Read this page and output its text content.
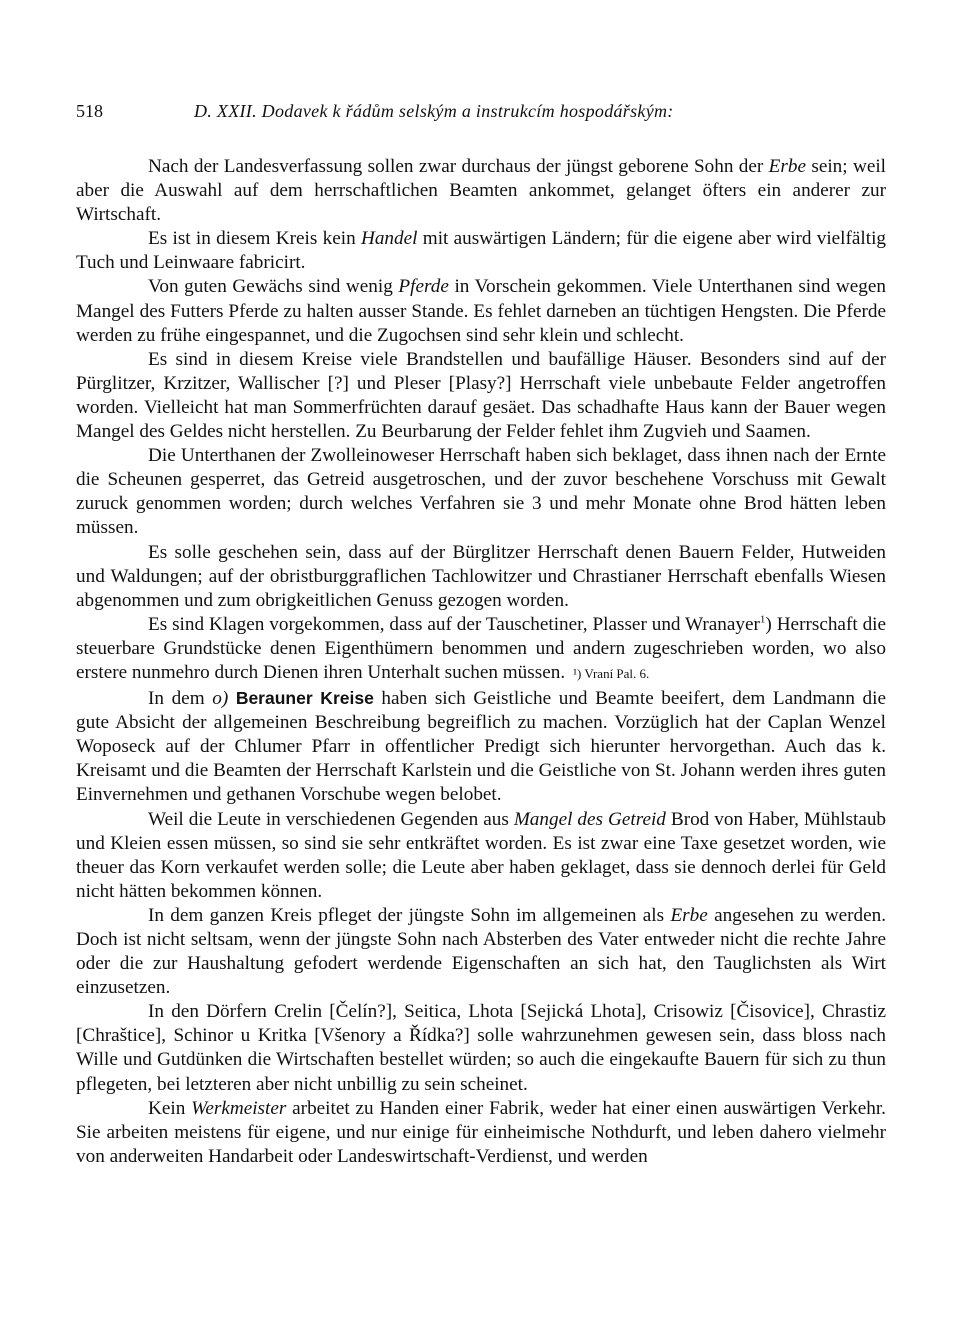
518	D. XXII. Dodavek k řádům selským a instrukcím hospodářským:

Nach der Landesverfassung sollen zwar durchaus der jüngst geborene Sohn der Erbe sein; weil aber die Auswahl auf dem herrschaftlichen Beamten ankommet, gelanget öfters ein anderer zur Wirtschaft.

Es ist in diesem Kreis kein Handel mit auswärtigen Ländern; für die eigene aber wird vielfältig Tuch und Leinwaare fabricirt.

Von guten Gewächs sind wenig Pferde in Vorschein gekommen. Viele Unterthanen sind wegen Mangel des Futters Pferde zu halten ausser Stande. Es fehlet darneben an tüchtigen Hengsten. Die Pferde werden zu frühe eingespannet, und die Zugochsen sind sehr klein und schlecht.

Es sind in diesem Kreise viele Brandstellen und baufällige Häuser. Besonders sind auf der Pürglitzer, Krzitzer, Wallischer [?] und Pleser [Plasy?] Herrschaft viele unbebaute Felder angetroffen worden. Vielleicht hat man Sommerfrüchten darauf gesäet. Das schadhafte Haus kann der Bauer wegen Mangel des Geldes nicht herstellen. Zu Beurbarung der Felder fehlet ihm Zugvieh und Saamen.

Die Unterthanen der Zwolleinoweser Herrschaft haben sich beklaget, dass ihnen nach der Ernte die Scheunen gesperret, das Getreid ausgetroschen, und der zuvor beschehene Vorschuss mit Gewalt zuruck genommen worden; durch welches Verfahren sie 3 und mehr Monate ohne Brod hätten leben müssen.

Es solle geschehen sein, dass auf der Bürglitzer Herrschaft denen Bauern Felder, Hutweiden und Waldungen; auf der obristburggraflichen Tachlowitzer und Chrastianer Herrschaft ebenfalls Wiesen abgenommen und zum obrigkeitlichen Genuss gezogen worden.

Es sind Klagen vorgekommen, dass auf der Tauschetiner, Plasser und Wranayer$^1$) Herrschaft die steuerbare Grundstücke denen Eigenthümern benommen und andern zugeschrieben worden, wo also erstere nunmehro durch Dienen ihren Unterhalt suchen müssen. ¹) Vraní Pal. 6.

In dem o) Berauner Kreise haben sich Geistliche und Beamte beeifert, dem Landmann die gute Absicht der allgemeinen Beschreibung begreiflich zu machen. Vorzüglich hat der Caplan Wenzel Woposeck auf der Chlumer Pfarr in offentlicher Predigt sich hierunter hervorgethan. Auch das k. Kreisamt und die Beamten der Herrschaft Karlstein und die Geistliche von St. Johann werden ihres guten Einvernehmen und gethanen Vorschube wegen belobet.

Weil die Leute in verschiedenen Gegenden aus Mangel des Getreid Brod von Haber, Mühlstaub und Kleien essen müssen, so sind sie sehr entkräftet worden. Es ist zwar eine Taxe gesetzet worden, wie theuer das Korn verkaufet werden solle; die Leute aber haben geklaget, dass sie dennoch derlei für Geld nicht hätten bekommen können.

In dem ganzen Kreis pfleget der jüngste Sohn im allgemeinen als Erbe angesehen zu werden. Doch ist nicht seltsam, wenn der jüngste Sohn nach Absterben des Vater entweder nicht die rechte Jahre oder die zur Haushaltung gefodert werdende Eigenschaften an sich hat, den Tauglichsten als Wirt einzusetzen.

In den Dörfern Crelin [Čelín?], Seitica, Lhota [Sejická Lhota], Crisowiz [Čisovice], Chrastiz [Chraštice], Schinor u Kritka [Všenory a Řídka?] solle wahrzunehmen gewesen sein, dass bloss nach Wille und Gutdünken die Wirtschaften bestellet würden; so auch die eingekaufte Bauern für sich zu thun pflegeten, bei letzteren aber nicht unbillig zu sein scheinet.

Kein Werkmeister arbeitet zu Handen einer Fabrik, weder hat einer einen auswärtigen Verkehr. Sie arbeiten meistens für eigene, und nur einige für einheimische Nothdurft, und leben dahero vielmehr von anderweiten Handarbeit oder Landeswirtschaft-Verdienst, und werden
